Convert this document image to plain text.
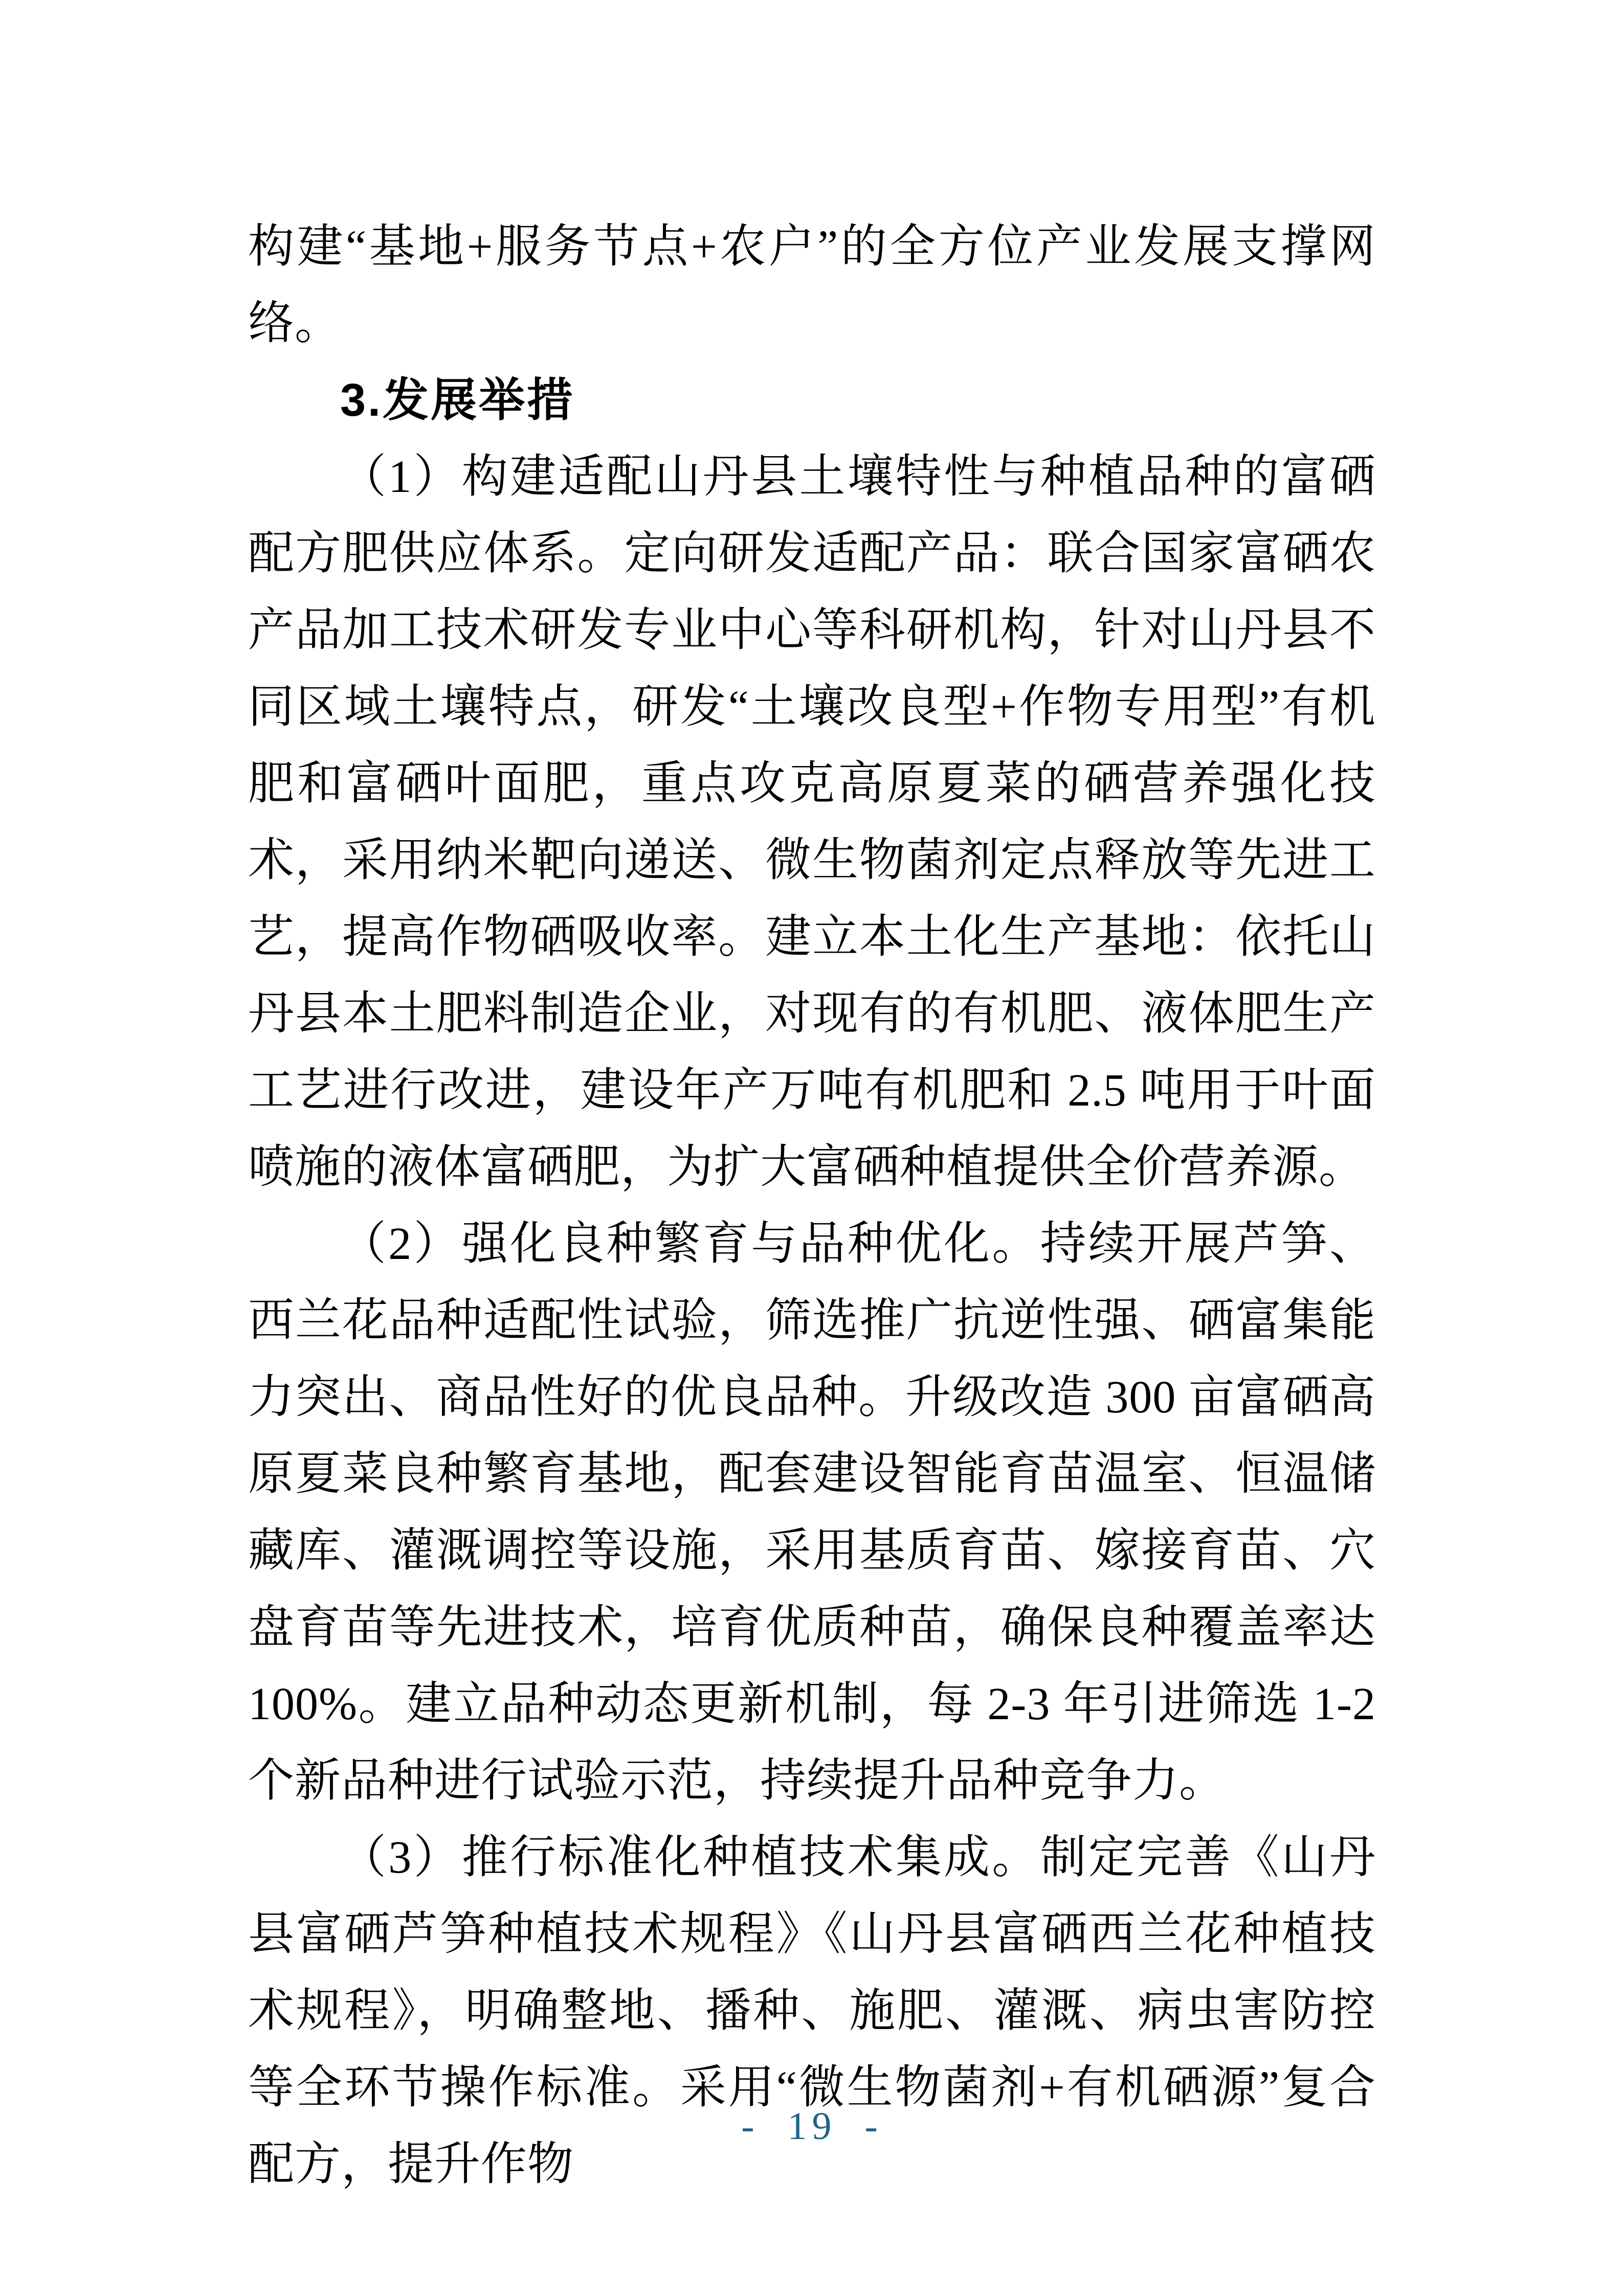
构建“基地+服务节点+农户”的全方位产业发展支撑网络。

3.发展举措

（1）构建适配山丹县土壤特性与种植品种的富硒配方肥供应体系。定向研发适配产品：联合国家富硒农产品加工技术研发专业中心等科研机构，针对山丹县不同区域土壤特点，研发“土壤改良型+作物专用型”有机肥和富硒叶面肥，重点攻克高原夏菜的硒营养强化技术，采用纳米靶向递送、微生物菌剂定点释放等先进工艺，提高作物硒吸收率。建立本土化生产基地：依托山丹县本土肥料制造企业，对现有的有机肥、液体肥生产工艺进行改进，建设年产万吨有机肥和 2.5 吨用于叶面喷施的液体富硒肥，为扩大富硒种植提供全价营养源。

（2）强化良种繁育与品种优化。持续开展芦笋、西兰花品种适配性试验，筛选推广抗逆性强、硒富集能力突出、商品性好的优良品种。升级改造 300 亩富硒高原夏菜良种繁育基地，配套建设智能育苗温室、恒温储藏库、灌溉调控等设施，采用基质育苗、嫁接育苗、穴盘育苗等先进技术，培育优质种苗，确保良种覆盖率达 100%。建立品种动态更新机制，每 2-3 年引进筛选 1-2 个新品种进行试验示范，持续提升品种竞争力。

（3）推行标准化种植技术集成。制定完善《山丹县富硒芦笋种植技术规程》《山丹县富硒西兰花种植技术规程》，明确整地、播种、施肥、灌溉、病虫害防控等全环节操作标准。采用“微生物菌剂+有机硒源”复合配方，提升作物

- 19 -
